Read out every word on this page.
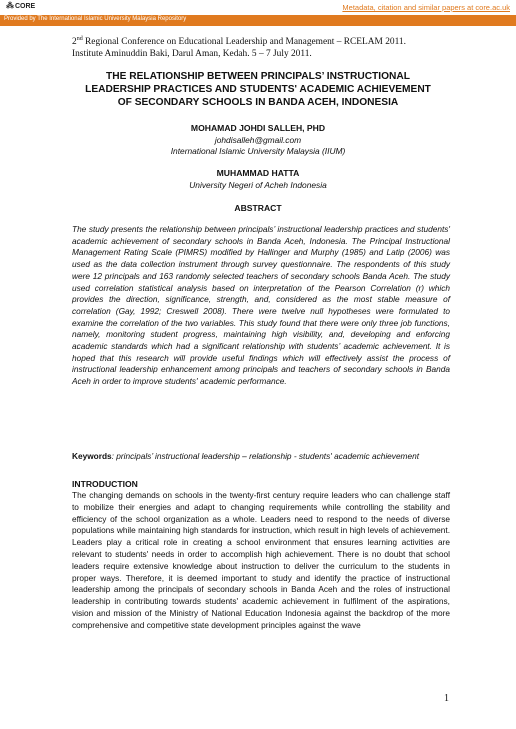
⁂CORE	Metadata, citation and similar papers at core.ac.uk
Provided by The International Islamic University Malaysia Repository
2nd Regional Conference on Educational Leadership and Management – RCELAM 2011.
Institute Aminuddin Baki, Darul Aman, Kedah. 5 – 7 July 2011.
THE RELATIONSHIP BETWEEN PRINCIPALS’ INSTRUCTIONAL
LEADERSHIP PRACTICES AND STUDENTS' ACADEMIC ACHIEVEMENT
OF SECONDARY SCHOOLS IN BANDA ACEH, INDONESIA
MOHAMAD JOHDI SALLEH, PHD
johdisalleh@gmail.com
International Islamic University Malaysia (IIUM)
MUHAMMAD HATTA
University Negeri of Acheh Indonesia
ABSTRACT
The study presents the relationship between principals’ instructional leadership practices and students' academic achievement of secondary schools in Banda Aceh, Indonesia. The Principal Instructional Management Rating Scale (PIMRS) modified by Hallinger and Murphy (1985) and Latip (2006) was used as the data collection instrument through survey questionnaire. The respondents of this study were 12 principals and 163 randomly selected teachers of secondary schools Banda Aceh. The study used correlation statistical analysis based on interpretation of the Pearson Correlation (r) which provides the direction, significance, strength, and, considered as the most stable measure of correlation (Gay, 1992; Creswell 2008). There were twelve null hypotheses were formulated to examine the correlation of the two variables. This study found that there were only three job functions, namely, monitoring student progress, maintaining high visibility, and, developing and enforcing academic standards which had a significant relationship with students’ academic achievement. It is hoped that this research will provide useful findings which will effectively assist the process of instructional leadership enhancement among principals and teachers of secondary schools in Banda Aceh in order to improve students' academic performance.
Keywords: principals’ instructional leadership – relationship - students' academic achievement
INTRODUCTION
The changing demands on schools in the twenty-first century require leaders who can challenge staff to mobilize their energies and adapt to changing requirements while controlling the stability and efficiency of the school organization as a whole. Leaders need to respond to the needs of diverse populations while maintaining high standards for instruction, which result in high levels of achievement. Leaders play a critical role in creating a school environment that ensures learning activities are relevant to students' needs in order to accomplish high achievement. There is no doubt that school leaders require extensive knowledge about instruction to deliver the curriculum to the students in proper ways. Therefore, it is deemed important to study and identify the practice of instructional leadership among the principals of secondary schools in Banda Aceh and the roles of instructional leadership in contributing towards students' academic achievement in fulfilment of the aspirations, vision and mission of the Ministry of National Education Indonesia against the backdrop of the more comprehensive and competitive state development principles against the wave
1
